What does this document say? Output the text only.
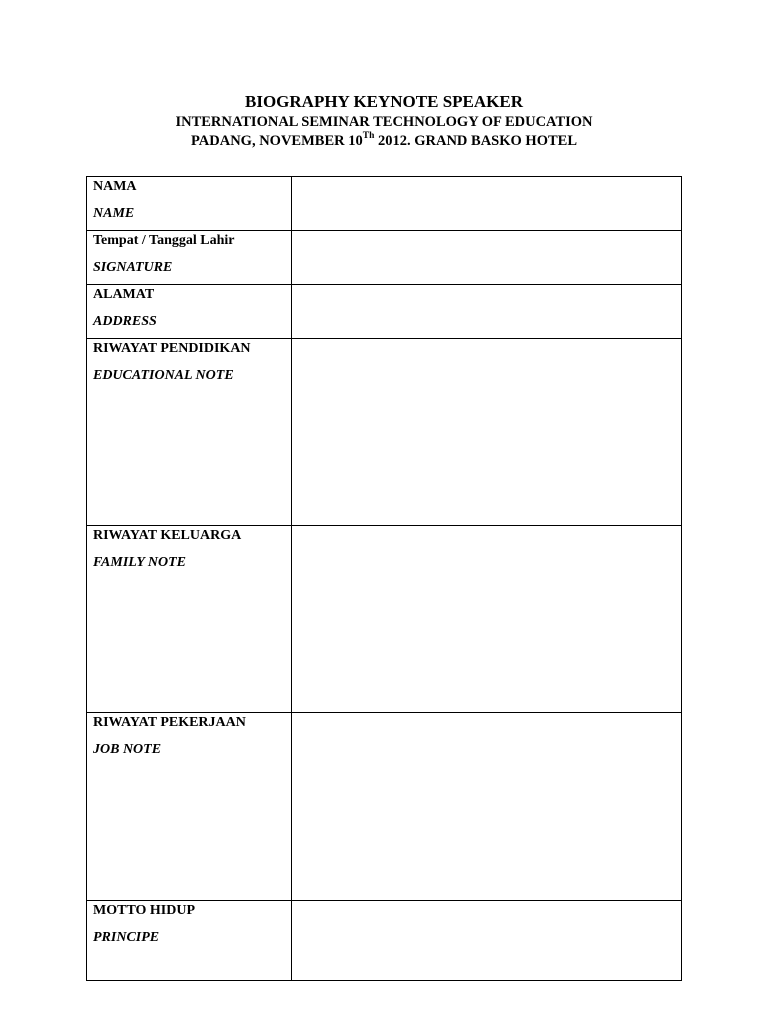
BIOGRAPHY KEYNOTE SPEAKER
INTERNATIONAL SEMINAR TECHNOLOGY OF EDUCATION
PADANG, NOVEMBER 10Th 2012. GRAND BASKO HOTEL
NAMA
NAME	

Tempat / Tanggal Lahir
SIGNATURE	

ALAMAT
ADDRESS	

RIWAYAT PENDIDIKAN
EDUCATIONAL NOTE	

RIWAYAT KELUARGA
FAMILY NOTE	

RIWAYAT PEKERJAAN
JOB NOTE	

MOTTO HIDUP
PRINCIPE	
